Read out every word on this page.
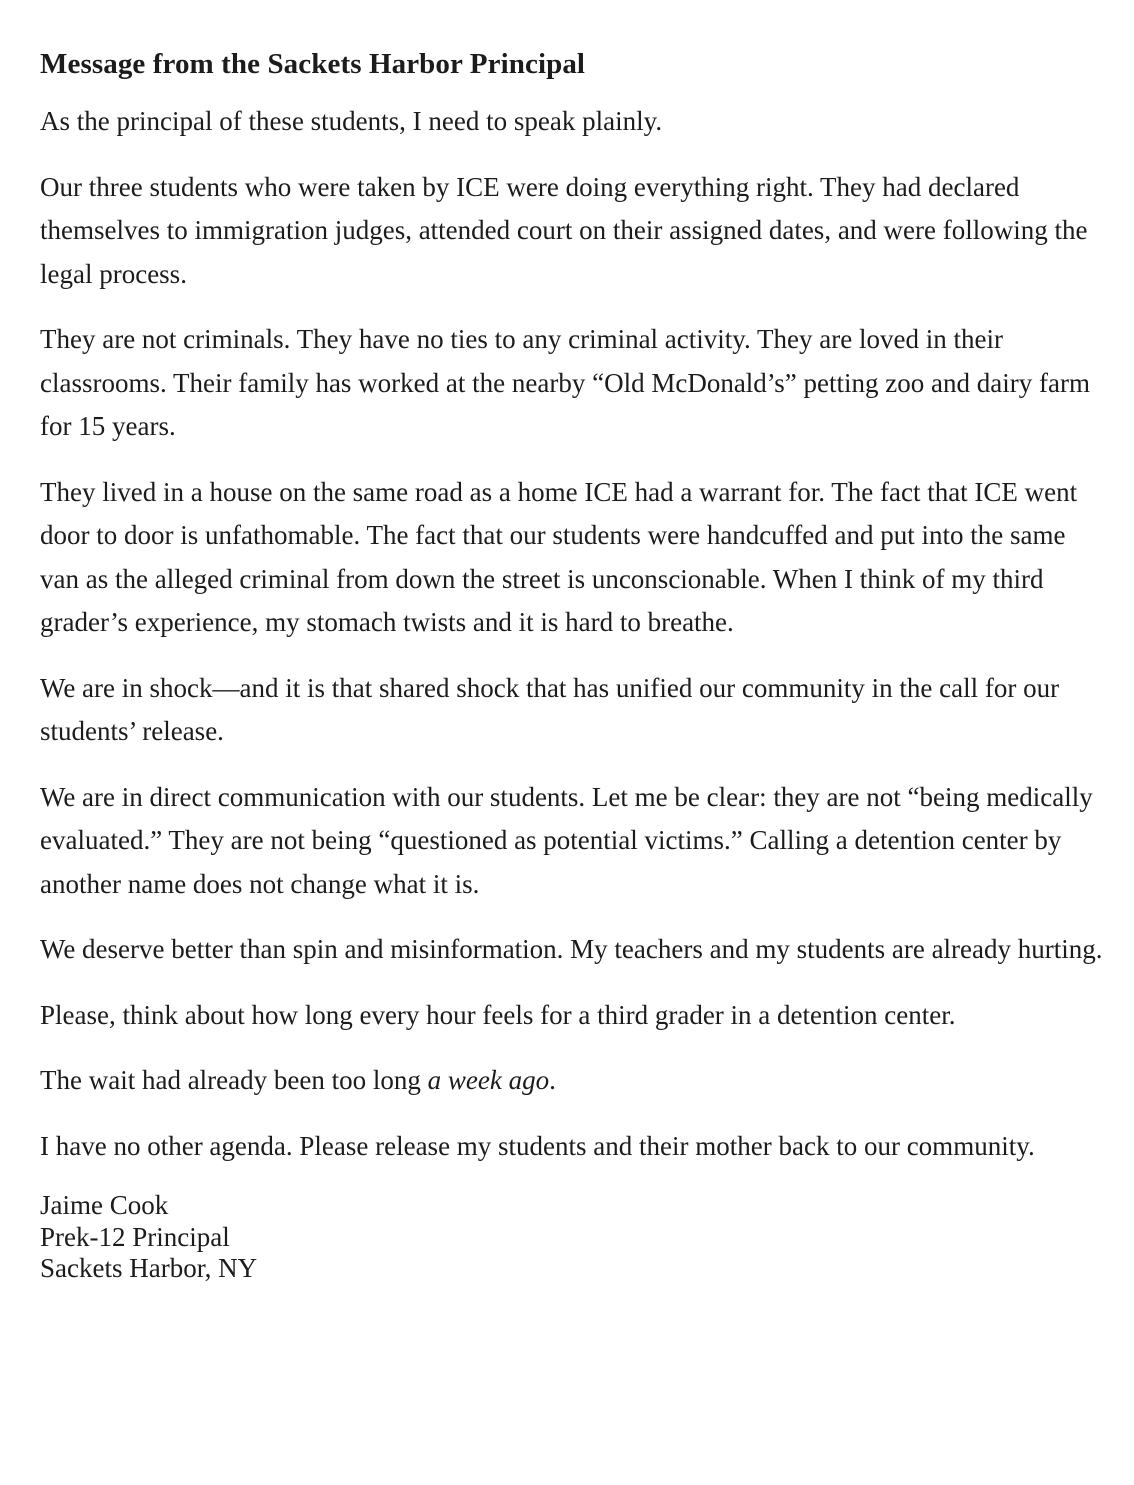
Message from the Sackets Harbor Principal

As the principal of these students, I need to speak plainly.

Our three students who were taken by ICE were doing everything right. They had declared themselves to immigration judges, attended court on their assigned dates, and were following the legal process.

They are not criminals. They have no ties to any criminal activity. They are loved in their classrooms. Their family has worked at the nearby “Old McDonald’s” petting zoo and dairy farm for 15 years.

They lived in a house on the same road as a home ICE had a warrant for. The fact that ICE went door to door is unfathomable. The fact that our students were handcuffed and put into the same van as the alleged criminal from down the street is unconscionable. When I think of my third grader’s experience, my stomach twists and it is hard to breathe.

We are in shock—and it is that shared shock that has unified our community in the call for our students’ release.

We are in direct communication with our students. Let me be clear: they are not “being medically evaluated.” They are not being “questioned as potential victims.” Calling a detention center by another name does not change what it is.

We deserve better than spin and misinformation. My teachers and my students are already hurting.

Please, think about how long every hour feels for a third grader in a detention center.

The wait had already been too long a week ago.

I have no other agenda. Please release my students and their mother back to our community.

Jaime Cook
Prek-12 Principal
Sackets Harbor, NY
